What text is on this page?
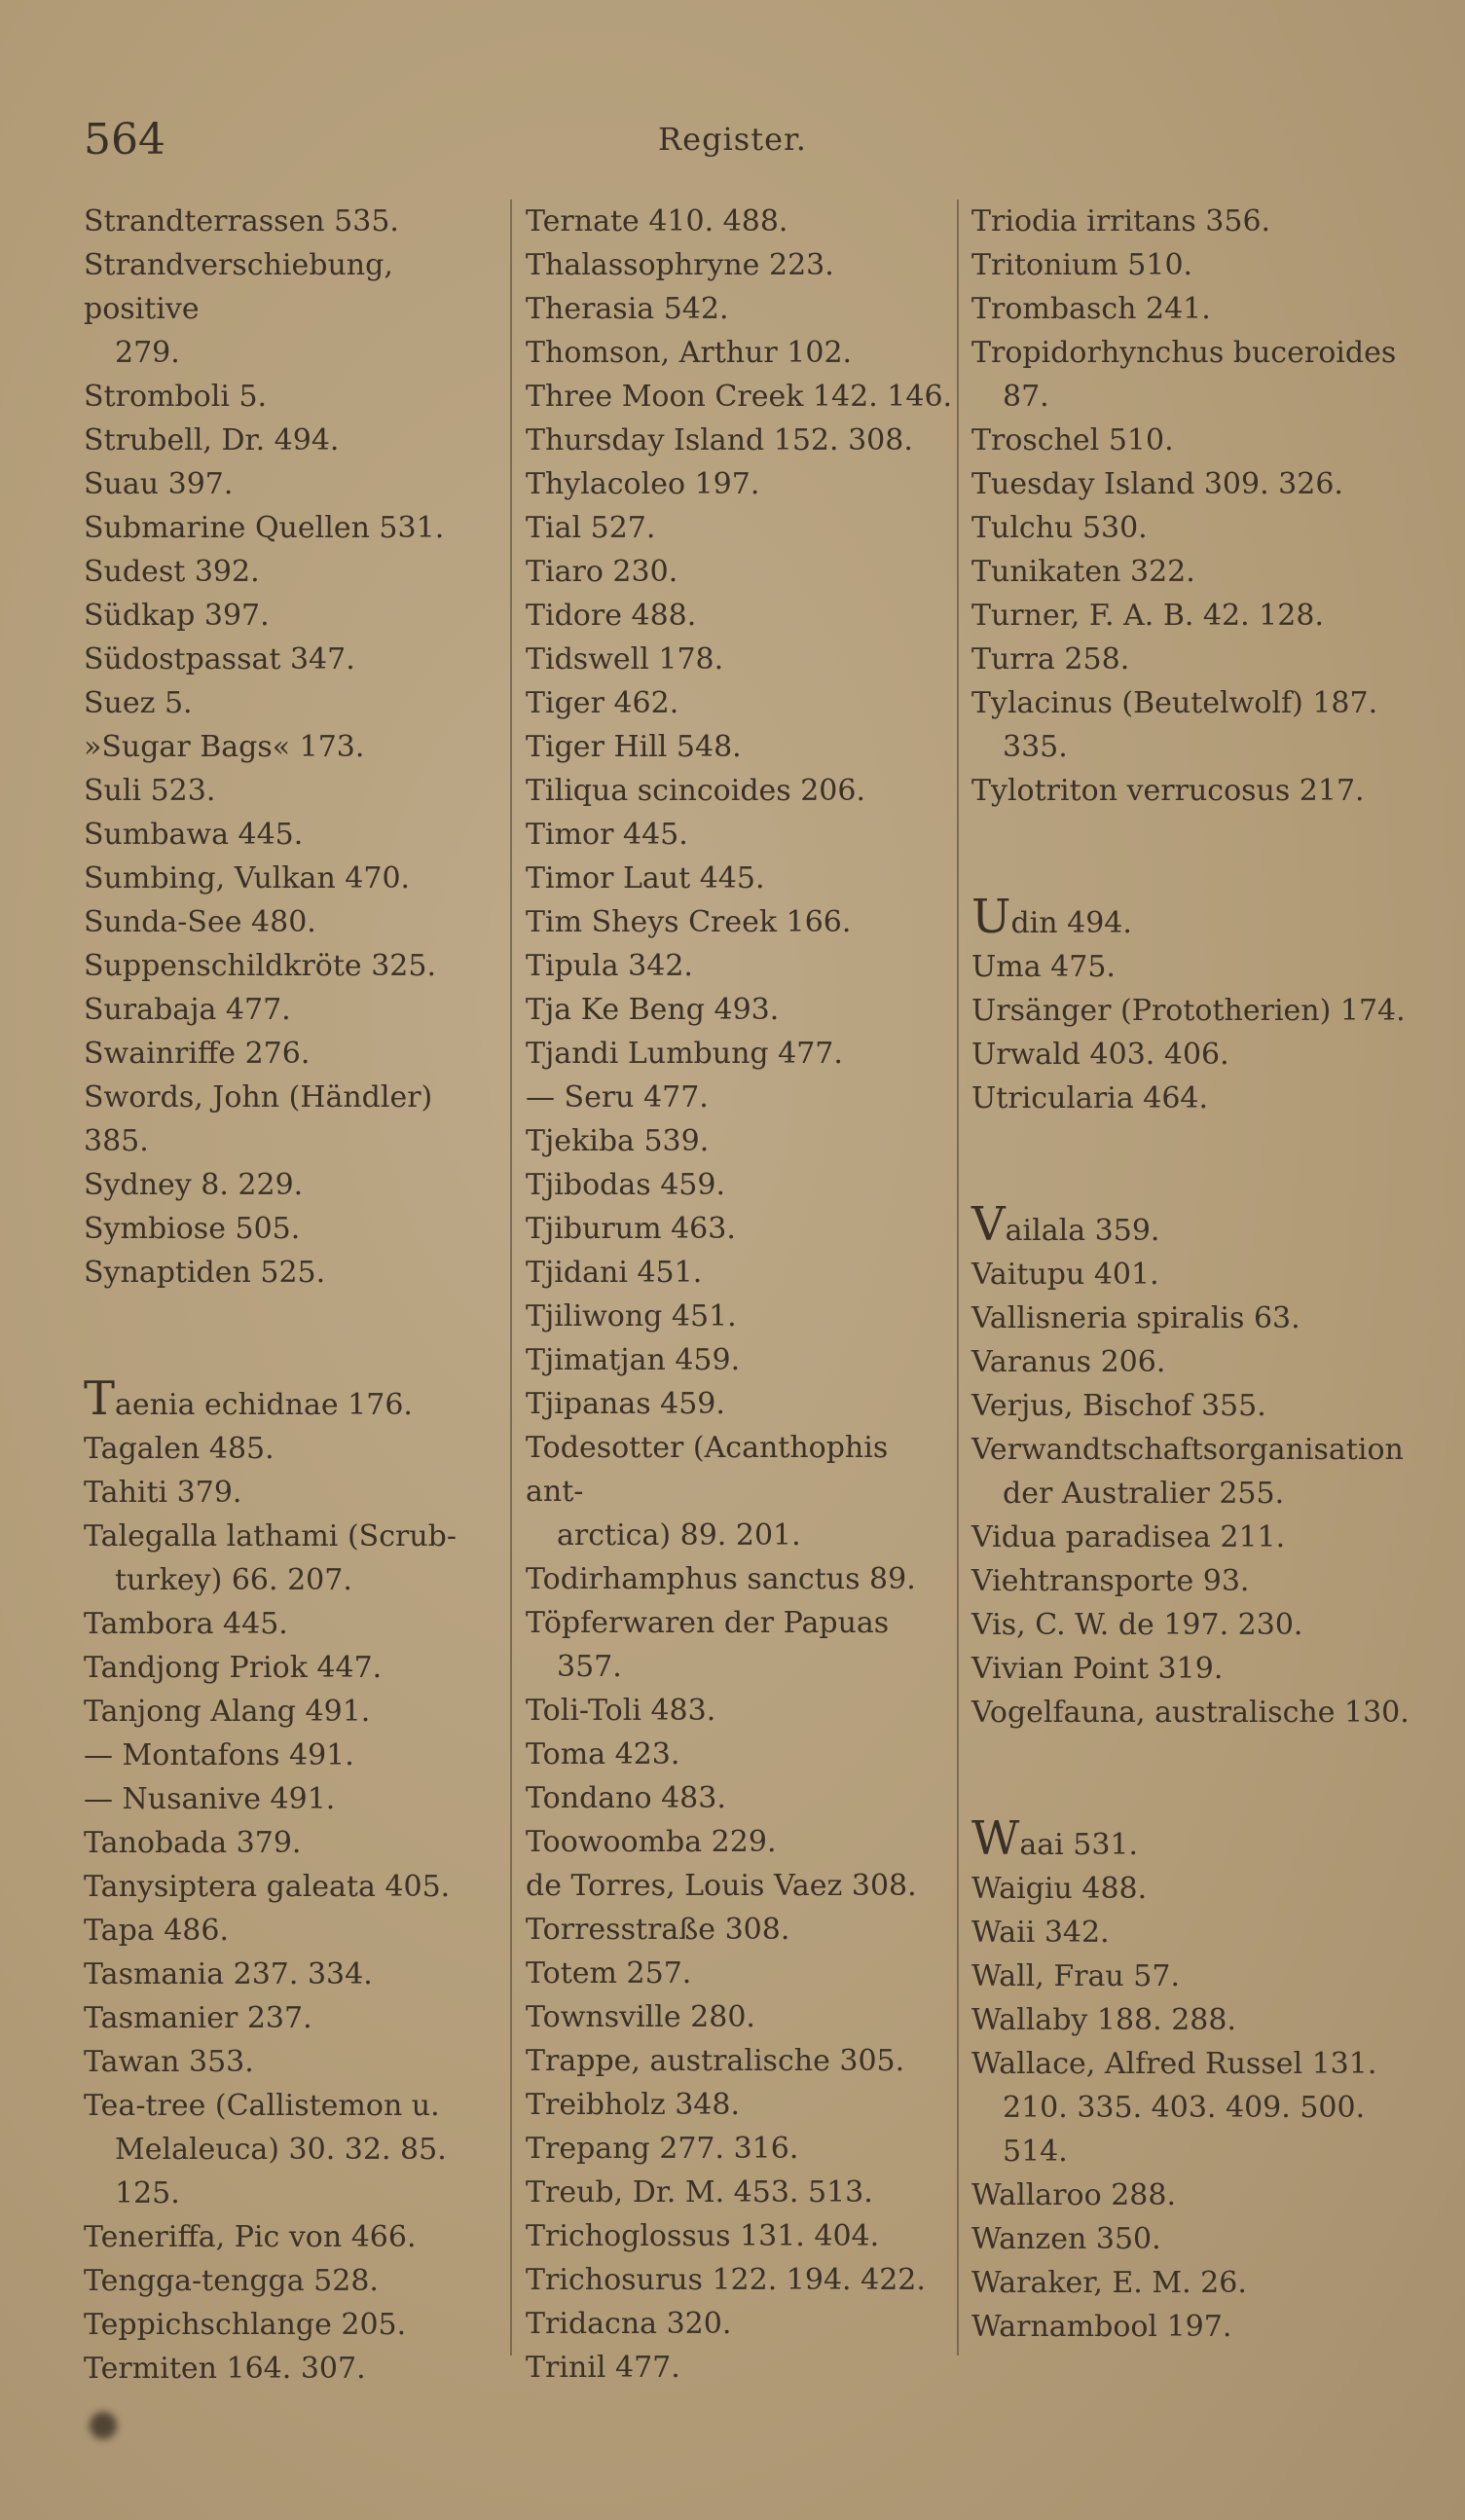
564	Register.
Strandterrassen 535.
Strandverschiebung, positive
279.
Stromboli 5.
Strubell, Dr. 494.
Suau 397.
Submarine Quellen 531.
Sudest 392.
Südkap 397.
Südostpassat 347.
Suez 5.
»Sugar Bags« 173.
Suli 523.
Sumbawa 445.
Sumbing, Vulkan 470.
Sunda-See 480.
Suppenschildkröte 325.
Surabaja 477.
Swainriffe 276.
Swords, John (Händler) 385.
Sydney 8. 229.
Symbiose 505.
Synaptiden 525.
Taenia echidnae 176.
Tagalen 485.
Tahiti 379.
Talegalla lathami (Scrub-
turkey) 66. 207.
Tambora 445.
Tandjong Priok 447.
Tanjong Alang 491.
— Montafons 491.
— Nusanive 491.
Tanobada 379.
Tanysiptera galeata 405.
Tapa 486.
Tasmania 237. 334.
Tasmanier 237.
Tawan 353.
Tea-tree (Callistemon u.
Melaleuca) 30. 32. 85.
125.
Teneriffa, Pic von 466.
Tengga-tengga 528.
Teppichschlange 205.
Termiten 164. 307.
Ternate 410. 488.
Thalassophryne 223.
Therasia 542.
Thomson, Arthur 102.
Three Moon Creek 142. 146.
Thursday Island 152. 308.
Thylacoleo 197.
Tial 527.
Tiaro 230.
Tidore 488.
Tidswell 178.
Tiger 462.
Tiger Hill 548.
Tiliqua scincoides 206.
Timor 445.
Timor Laut 445.
Tim Sheys Creek 166.
Tipula 342.
Tja Ke Beng 493.
Tjandi Lumbung 477.
— Seru 477.
Tjekiba 539.
Tjibodas 459.
Tjiburum 463.
Tjidani 451.
Tjiliwong 451.
Tjimatjan 459.
Tjipanas 459.
Todesotter (Acanthophis ant-
arctica) 89. 201.
Todirhamphus sanctus 89.
Töpferwaren der Papuas
357.
Toli-Toli 483.
Toma 423.
Tondano 483.
Toowoomba 229.
de Torres, Louis Vaez 308.
Torresstraße 308.
Totem 257.
Townsville 280.
Trappe, australische 305.
Treibholz 348.
Trepang 277. 316.
Treub, Dr. M. 453. 513.
Trichoglossus 131. 404.
Trichosurus 122. 194. 422.
Tridacna 320.
Trinil 477.
Triodia irritans 356.
Tritonium 510.
Trombasch 241.
Tropidorhynchus buceroides
87.
Troschel 510.
Tuesday Island 309. 326.
Tulchu 530.
Tunikaten 322.
Turner, F. A. B. 42. 128.
Turra 258.
Tylacinus (Beutelwolf) 187.
335.
Tylotriton verrucosus 217.
Udin 494.
Uma 475.
Ursänger (Prototherien) 174.
Urwald 403. 406.
Utricularia 464.
Vailala 359.
Vaitupu 401.
Vallisneria spiralis 63.
Varanus 206.
Verjus, Bischof 355.
Verwandtschaftsorganisation
der Australier 255.
Vidua paradisea 211.
Viehtransporte 93.
Vis, C. W. de 197. 230.
Vivian Point 319.
Vogelfauna, australische 130.
Waai 531.
Waigiu 488.
Waii 342.
Wall, Frau 57.
Wallaby 188. 288.
Wallace, Alfred Russel 131.
210. 335. 403. 409. 500.
514.
Wallaroo 288.
Wanzen 350.
Waraker, E. M. 26.
Warnambool 197.
